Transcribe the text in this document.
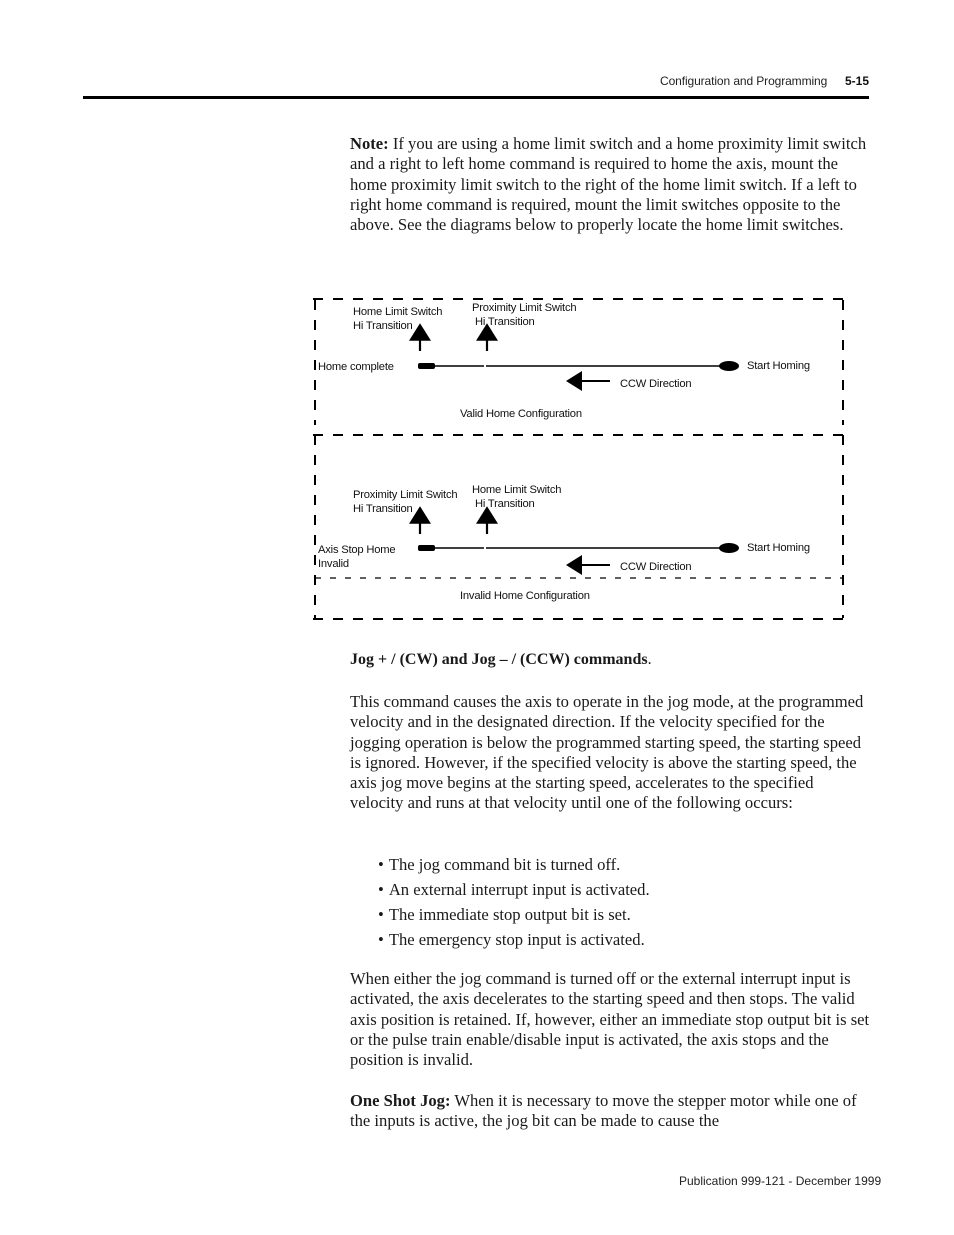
Configuration and Programming 5-15

Note: If you are using a home limit switch and a home proximity limit switch and a right to left home command is required to home the axis, mount the home proximity limit switch to the right of the home limit switch. If a left to right home command is required, mount the limit switches opposite to the above. See the diagrams below to properly locate the home limit switches.

Home Limit Switch
Hi Transition
Proximity Limit Switch
Hi Transition
Home complete	Start Homing
CCW Direction
Valid Home Configuration
Proximity Limit Switch
Hi Transition
Home Limit Switch
Hi Transition
Axis Stop Home
Invalid
Start Homing
CCW Direction
Invalid Home Configuration

Jog + / (CW) and Jog – / (CCW) commands.

This command causes the axis to operate in the jog mode, at the programmed velocity and in the designated direction. If the velocity specified for the jogging operation is below the programmed starting speed, the starting speed is ignored. However, if the specified velocity is above the starting speed, the axis jog move begins at the starting speed, accelerates to the specified velocity and runs at that velocity until one of the following occurs:

• The jog command bit is turned off.
• An external interrupt input is activated.
• The immediate stop output bit is set.
• The emergency stop input is activated.

When either the jog command is turned off or the external interrupt input is activated, the axis decelerates to the starting speed and then stops. The valid axis position is retained. If, however, either an immediate stop output bit is set or the pulse train enable/disable input is activated, the axis stops and the position is invalid.

One Shot Jog: When it is necessary to move the stepper motor while one of the inputs is active, the jog bit can be made to cause the

Publication 999-121 - December 1999
